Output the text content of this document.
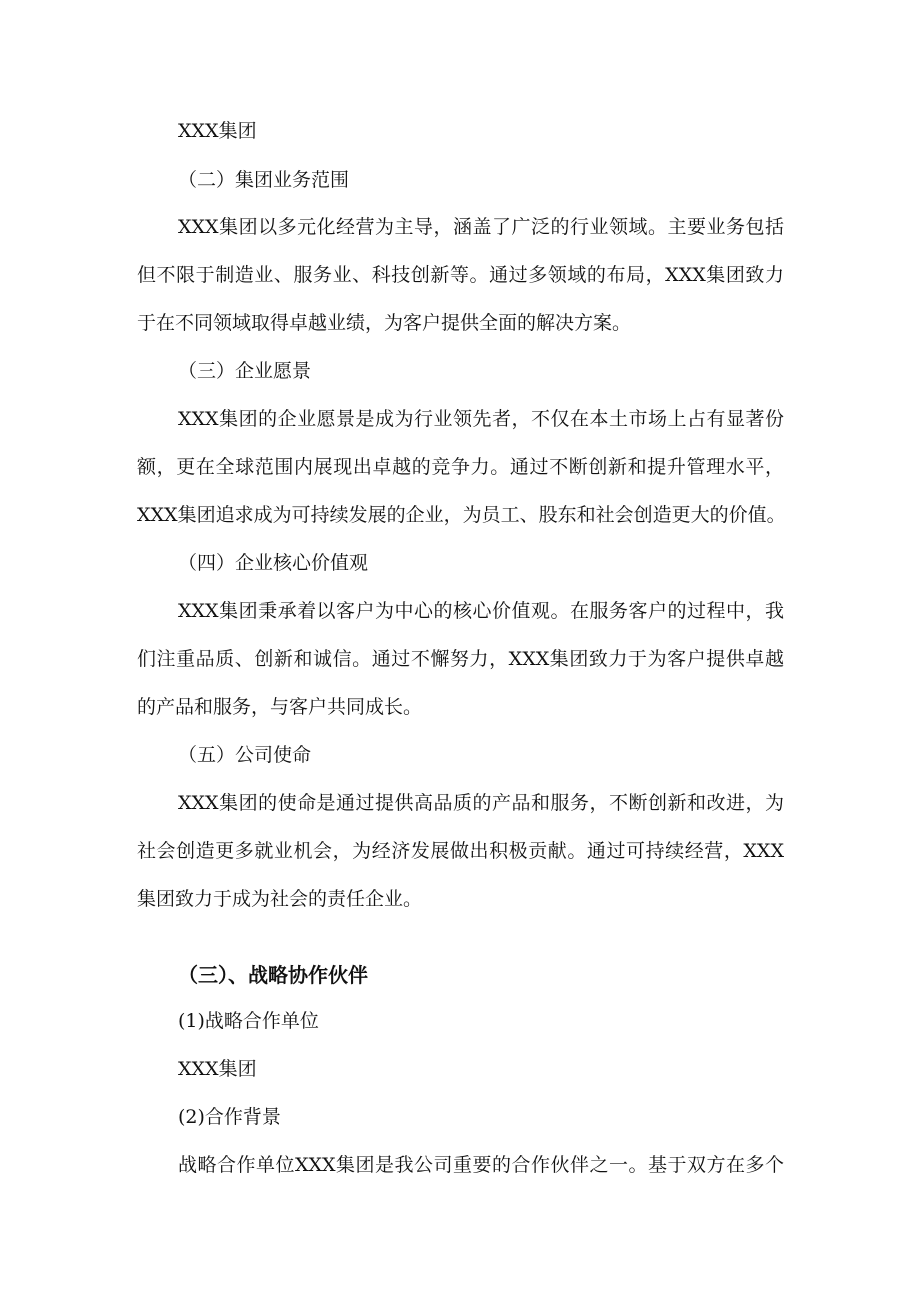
XXX集团

（二）集团业务范围

XXX集团以多元化经营为主导，涵盖了广泛的行业领域。主要业务包括

但不限于制造业、服务业、科技创新等。通过多领域的布局，XXX集团致力

于在不同领域取得卓越业绩，为客户提供全面的解决方案。

（三）企业愿景

XXX集团的企业愿景是成为行业领先者，不仅在本土市场上占有显著份

额，更在全球范围内展现出卓越的竞争力。通过不断创新和提升管理水平，

XXX集团追求成为可持续发展的企业，为员工、股东和社会创造更大的价值。

（四）企业核心价值观

XXX集团秉承着以客户为中心的核心价值观。在服务客户的过程中，我

们注重品质、创新和诚信。通过不懈努力，XXX集团致力于为客户提供卓越

的产品和服务，与客户共同成长。

（五）公司使命

XXX集团的使命是通过提供高品质的产品和服务，不断创新和改进，为

社会创造更多就业机会，为经济发展做出积极贡献。通过可持续经营，XXX

集团致力于成为社会的责任企业。

（三）、战略协作伙伴

(1)战略合作单位

XXX集团

(2)合作背景

战略合作单位XXX集团是我公司重要的合作伙伴之一。基于双方在多个
